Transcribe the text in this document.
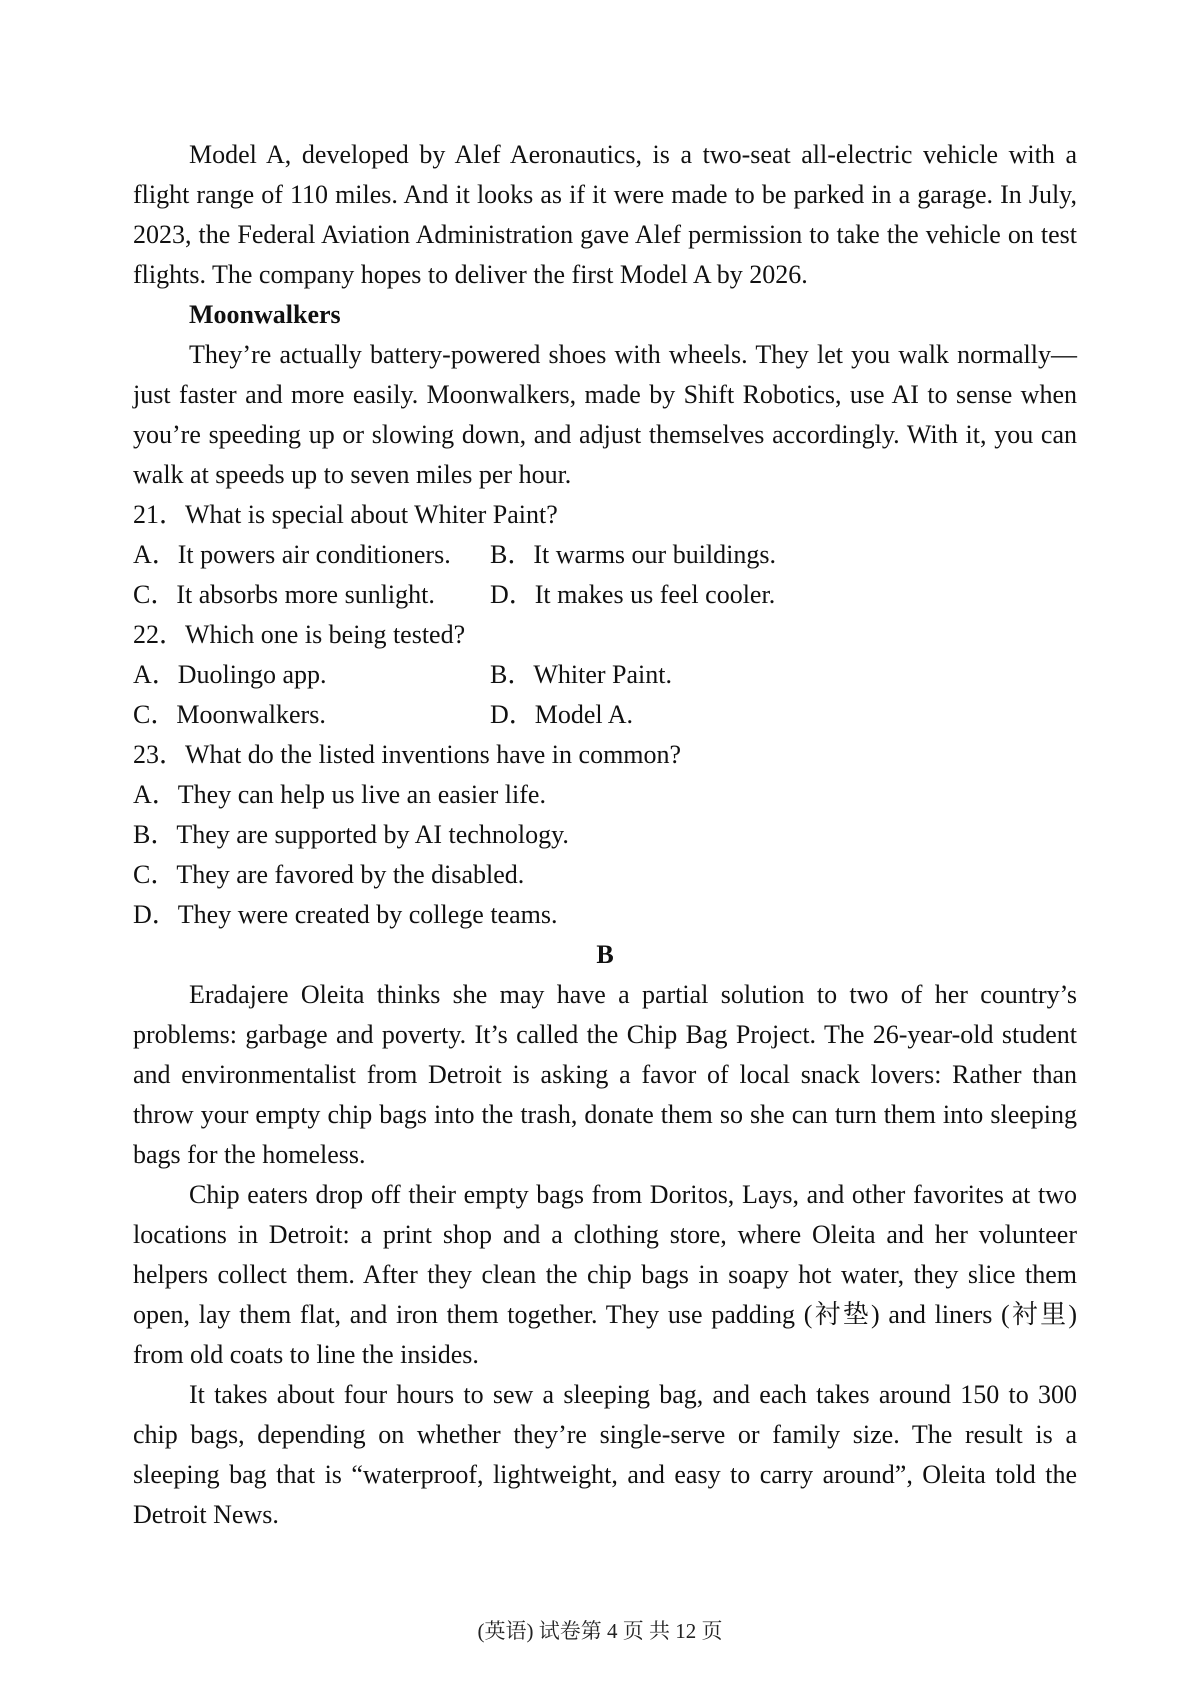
Model A, developed by Alef Aeronautics, is a two-seat all-electric vehicle with a flight range of 110 miles. And it looks as if it were made to be parked in a garage. In July, 2023, the Federal Aviation Administration gave Alef permission to take the vehicle on test flights. The company hopes to deliver the first Model A by 2026.

Moonwalkers

They’re actually battery-powered shoes with wheels. They let you walk normally—just faster and more easily. Moonwalkers, made by Shift Robotics, use AI to sense when you’re speeding up or slowing down, and adjust themselves accordingly. With it, you can walk at speeds up to seven miles per hour.

21．What is special about Whiter Paint?

A．It powers air conditioners.	B．It warms our buildings.
C．It absorbs more sunlight.	D．It makes us feel cooler.

22．Which one is being tested?

A．Duolingo app.	B．Whiter Paint.
C．Moonwalkers.	D．Model A.

23．What do the listed inventions have in common?

A．They can help us live an easier life.

B．They are supported by AI technology.

C．They are favored by the disabled.

D．They were created by college teams.

B

Eradajere Oleita thinks she may have a partial solution to two of her country’s problems: garbage and poverty. It’s called the Chip Bag Project. The 26-year-old student and environmentalist from Detroit is asking a favor of local snack lovers: Rather than throw your empty chip bags into the trash, donate them so she can turn them into sleeping bags for the homeless.

Chip eaters drop off their empty bags from Doritos, Lays, and other favorites at two locations in Detroit: a print shop and a clothing store, where Oleita and her volunteer helpers collect them. After they clean the chip bags in soapy hot water, they slice them open, lay them flat, and iron them together. They use padding (衬垫) and liners (衬里) from old coats to line the insides.

It takes about four hours to sew a sleeping bag, and each takes around 150 to 300 chip bags, depending on whether they’re single-serve or family size. The result is a sleeping bag that is “waterproof, lightweight, and easy to carry around”, Oleita told the Detroit News.

(英语) 试卷第 4 页 共 12 页
